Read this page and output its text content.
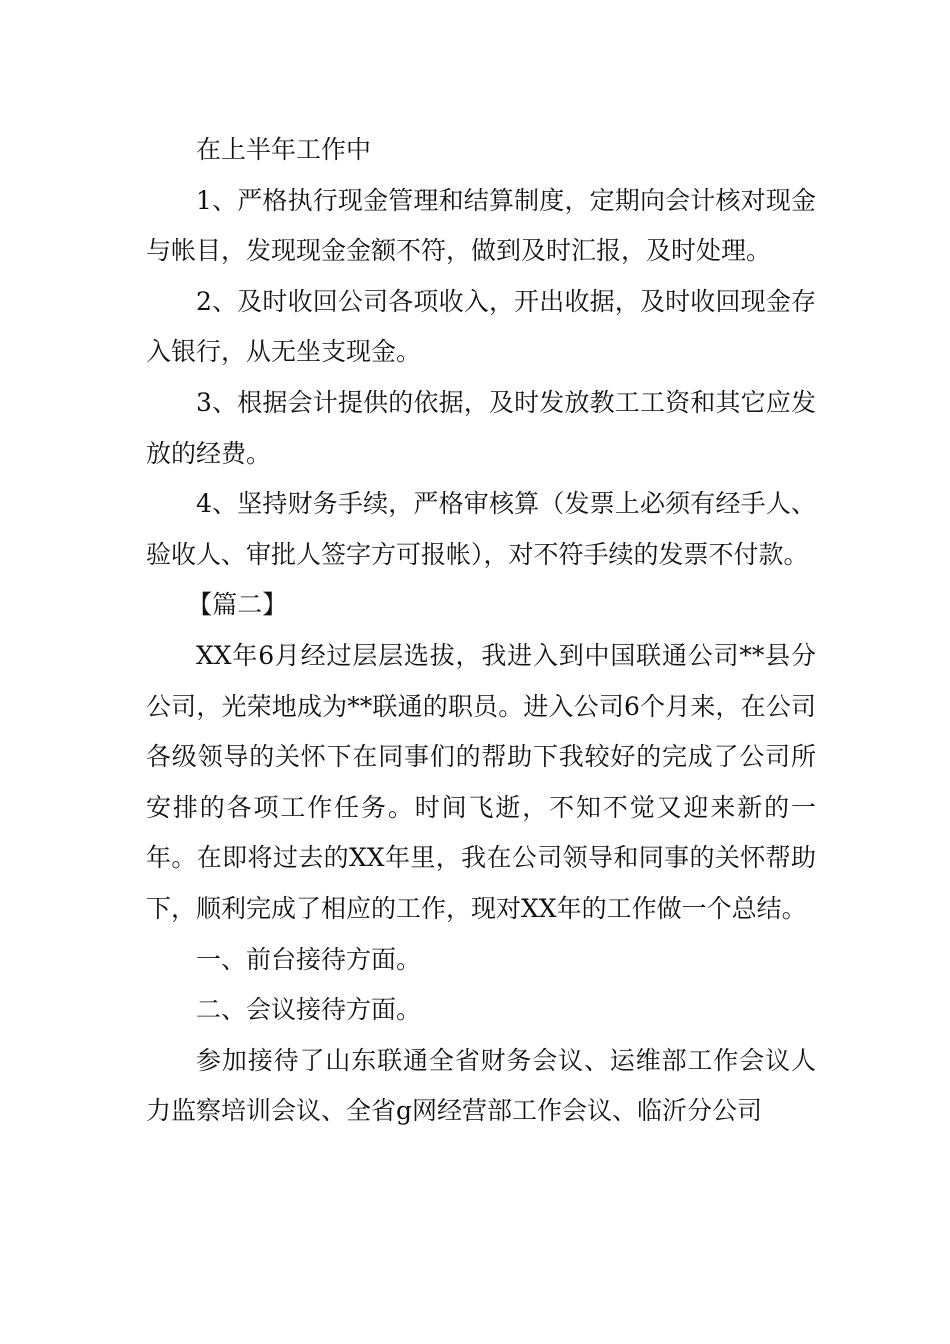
在上半年工作中

1、严格执行现金管理和结算制度，定期向会计核对现金与帐目，发现现金金额不符，做到及时汇报，及时处理。

2、及时收回公司各项收入，开出收据，及时收回现金存入银行，从无坐支现金。

3、根据会计提供的依据，及时发放教工工资和其它应发放的经费。

4、坚持财务手续，严格审核算（发票上必须有经手人、验收人、审批人签字方可报帐），对不符手续的发票不付款。

【篇二】

XX年6月经过层层选拔，我进入到中国联通公司**县分公司，光荣地成为**联通的职员。进入公司6个月来，在公司各级领导的关怀下在同事们的帮助下我较好的完成了公司所安排的各项工作任务。时间飞逝，不知不觉又迎来新的一年。在即将过去的XX年里，我在公司领导和同事的关怀帮助下，顺利完成了相应的工作，现对XX年的工作做一个总结。

一、前台接待方面。

二、会议接待方面。

参加接待了山东联通全省财务会议、运维部工作会议人力监察培训会议、全省g网经营部工作会议、临沂分公司
